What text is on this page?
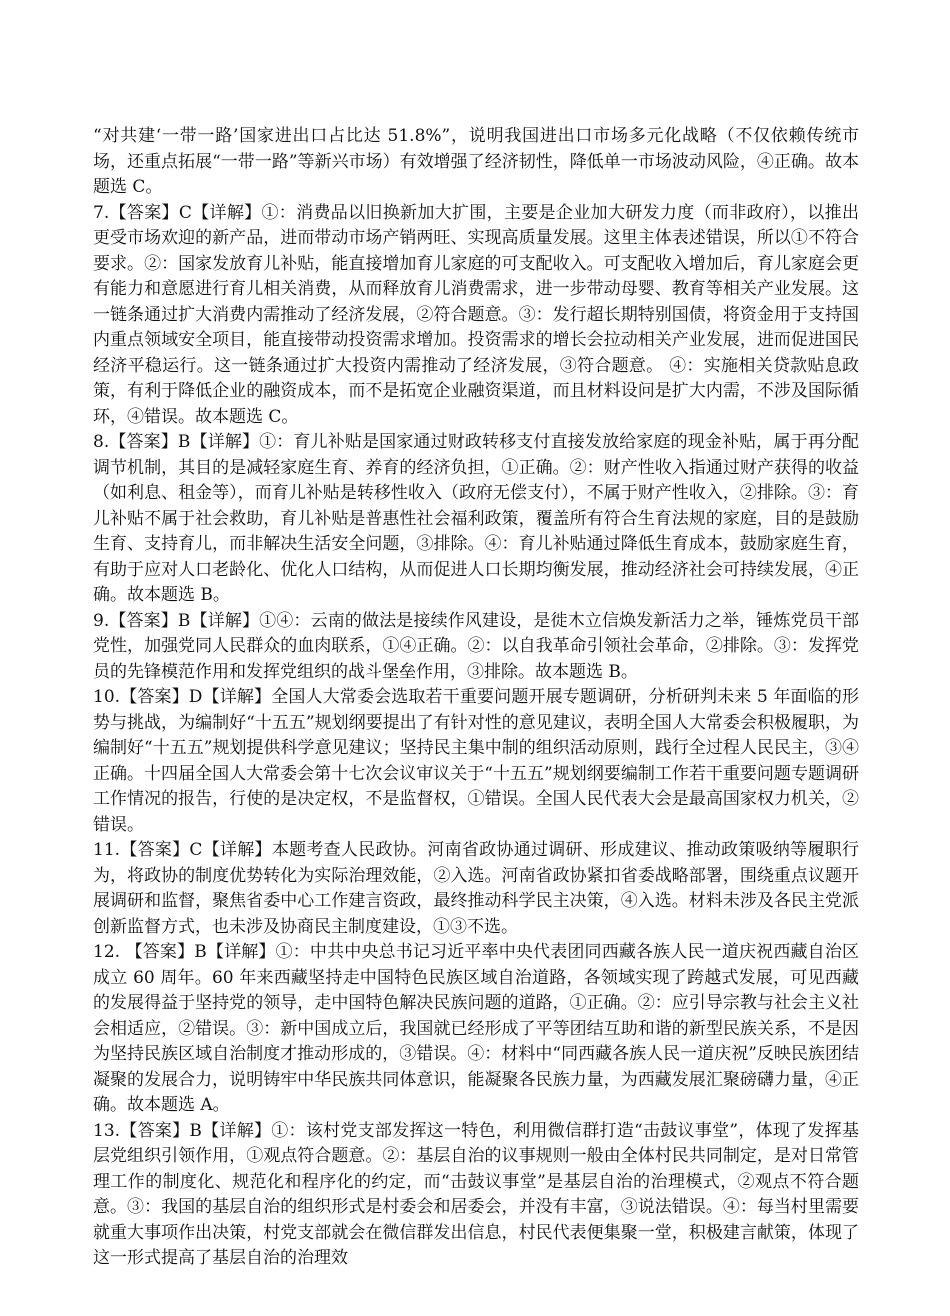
“对共建‘一带一路’国家进出口占比达 51.8%”，说明我国进出口市场多元化战略（不仅依赖传统市场，还重点拓展“一带一路”等新兴市场）有效增强了经济韧性，降低单一市场波动风险，④正确。故本题选 C。

7.【答案】C【详解】①：消费品以旧换新加大扩围，主要是企业加大研发力度（而非政府），以推出更受市场欢迎的新产品，进而带动市场产销两旺、实现高质量发展。这里主体表述错误，所以①不符合要求。②：国家发放育儿补贴，能直接增加育儿家庭的可支配收入。可支配收入增加后，育儿家庭会更有能力和意愿进行育儿相关消费，从而释放育儿消费需求，进一步带动母婴、教育等相关产业发展。这一链条通过扩大消费内需推动了经济发展，②符合题意。③：发行超长期特别国债，将资金用于支持国内重点领域安全项目，能直接带动投资需求增加。投资需求的增长会拉动相关产业发展，进而促进国民经济平稳运行。这一链条通过扩大投资内需推动了经济发展，③符合题意。 ④：实施相关贷款贴息政策，有利于降低企业的融资成本，而不是拓宽企业融资渠道，而且材料设问是扩大内需，不涉及国际循环，④错误。故本题选 C。

8.【答案】B【详解】①：育儿补贴是国家通过财政转移支付直接发放给家庭的现金补贴，属于再分配调节机制，其目的是减轻家庭生育、养育的经济负担，①正确。②：财产性收入指通过财产获得的收益（如利息、租金等），而育儿补贴是转移性收入（政府无偿支付），不属于财产性收入，②排除。③：育儿补贴不属于社会救助，育儿补贴是普惠性社会福利政策，覆盖所有符合生育法规的家庭，目的是鼓励生育、支持育儿，而非解决生活安全问题，③排除。④：育儿补贴通过降低生育成本，鼓励家庭生育，有助于应对人口老龄化、优化人口结构，从而促进人口长期均衡发展，推动经济社会可持续发展，④正确。故本题选 B。

9.【答案】B【详解】①④：云南的做法是接续作风建设，是徙木立信焕发新活力之举，锤炼党员干部党性，加强党同人民群众的血肉联系，①④正确。②：以自我革命引领社会革命，②排除。③：发挥党员的先锋模范作用和发挥党组织的战斗堡垒作用，③排除。故本题选 B。

10.【答案】D【详解】全国人大常委会选取若干重要问题开展专题调研，分析研判未来 5 年面临的形势与挑战，为编制好“十五五”规划纲要提出了有针对性的意见建议，表明全国人大常委会积极履职，为编制好“十五五”规划提供科学意见建议；坚持民主集中制的组织活动原则，践行全过程人民民主，③④正确。十四届全国人大常委会第十七次会议审议关于“十五五”规划纲要编制工作若干重要问题专题调研工作情况的报告，行使的是决定权，不是监督权，①错误。全国人民代表大会是最高国家权力机关，②错误。

11.【答案】C【详解】本题考查人民政协。河南省政协通过调研、形成建议、推动政策吸纳等履职行为，将政协的制度优势转化为实际治理效能，②入选。河南省政协紧扣省委战略部署，围绕重点议题开展调研和监督，聚焦省委中心工作建言资政，最终推动科学民主决策，④入选。材料未涉及各民主党派创新监督方式，也未涉及协商民主制度建设，①③不选。

12. 【答案】B【详解】①：中共中央总书记习近平率中央代表团同西藏各族人民一道庆祝西藏自治区成立 60 周年。60 年来西藏坚持走中国特色民族区域自治道路，各领域实现了跨越式发展，可见西藏的发展得益于坚持党的领导，走中国特色解决民族问题的道路，①正确。②：应引导宗教与社会主义社会相适应，②错误。③：新中国成立后，我国就已经形成了平等团结互助和谐的新型民族关系，不是因为坚持民族区域自治制度才推动形成的，③错误。④：材料中“同西藏各族人民一道庆祝”反映民族团结凝聚的发展合力，说明铸牢中华民族共同体意识，能凝聚各民族力量，为西藏发展汇聚磅礴力量，④正确。故本题选 A。

13.【答案】B【详解】①：该村党支部发挥这一特色，利用微信群打造“击鼓议事堂”，体现了发挥基层党组织引领作用，①观点符合题意。②：基层自治的议事规则一般由全体村民共同制定，是对日常管理工作的制度化、规范化和程序化的约定，而“击鼓议事堂”是基层自治的治理模式，②观点不符合题意。③：我国的基层自治的组织形式是村委会和居委会，并没有丰富，③说法错误。④：每当村里需要就重大事项作出决策，村党支部就会在微信群发出信息，村民代表便集聚一堂，积极建言献策，体现了这一形式提高了基层自治的治理效
